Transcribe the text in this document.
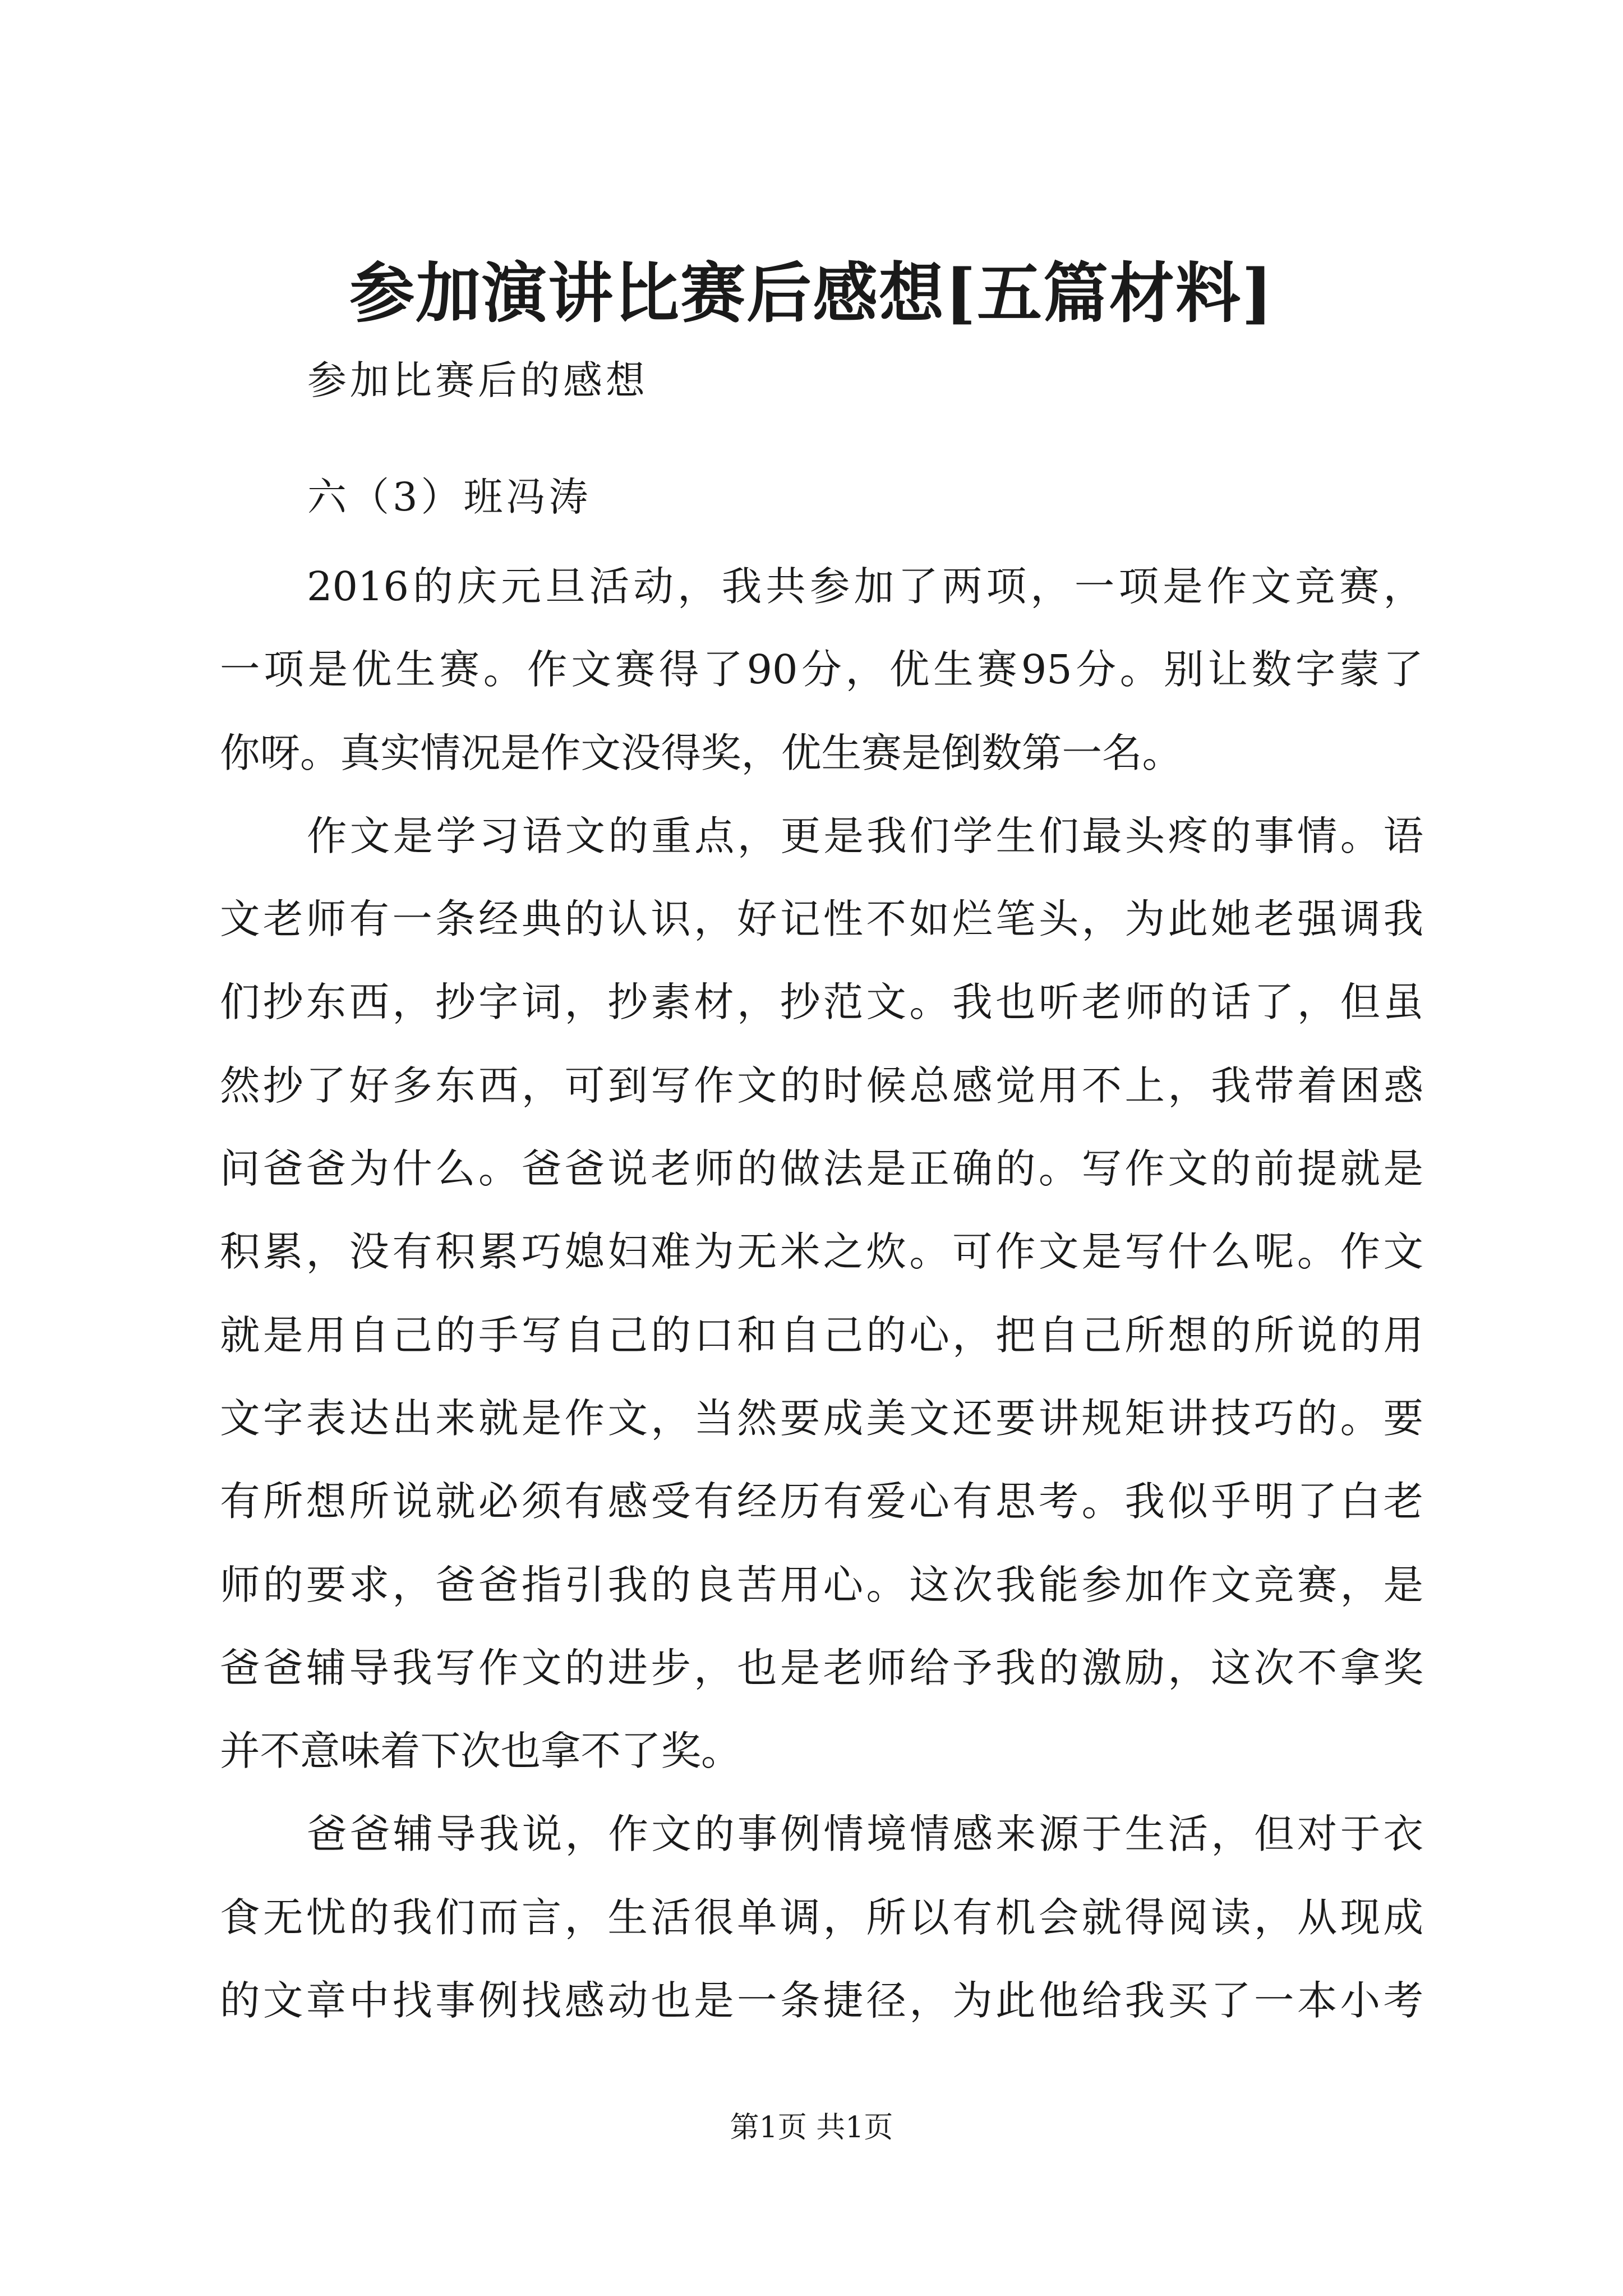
参加演讲比赛后感想[五篇材料]
参加比赛后的感想
六（3）班冯涛
2016的庆元旦活动，我共参加了两项，一项是作文竞赛，
一项是优生赛。作文赛得了90分，优生赛95分。别让数字蒙了
你呀。真实情况是作文没得奖，优生赛是倒数第一名。
作文是学习语文的重点，更是我们学生们最头疼的事情。语
文老师有一条经典的认识，好记性不如烂笔头，为此她老强调我
们抄东西，抄字词，抄素材，抄范文。我也听老师的话了，但虽
然抄了好多东西，可到写作文的时候总感觉用不上，我带着困惑
问爸爸为什么。爸爸说老师的做法是正确的。写作文的前提就是
积累，没有积累巧媳妇难为无米之炊。可作文是写什么呢。作文
就是用自己的手写自己的口和自己的心，把自己所想的所说的用
文字表达出来就是作文，当然要成美文还要讲规矩讲技巧的。要
有所想所说就必须有感受有经历有爱心有思考。我似乎明了白老
师的要求，爸爸指引我的良苦用心。这次我能参加作文竞赛，是
爸爸辅导我写作文的进步，也是老师给予我的激励，这次不拿奖
并不意味着下次也拿不了奖。
爸爸辅导我说，作文的事例情境情感来源于生活，但对于衣
食无忧的我们而言，生活很单调，所以有机会就得阅读，从现成
的文章中找事例找感动也是一条捷径，为此他给我买了一本小考
第1页 共1页
